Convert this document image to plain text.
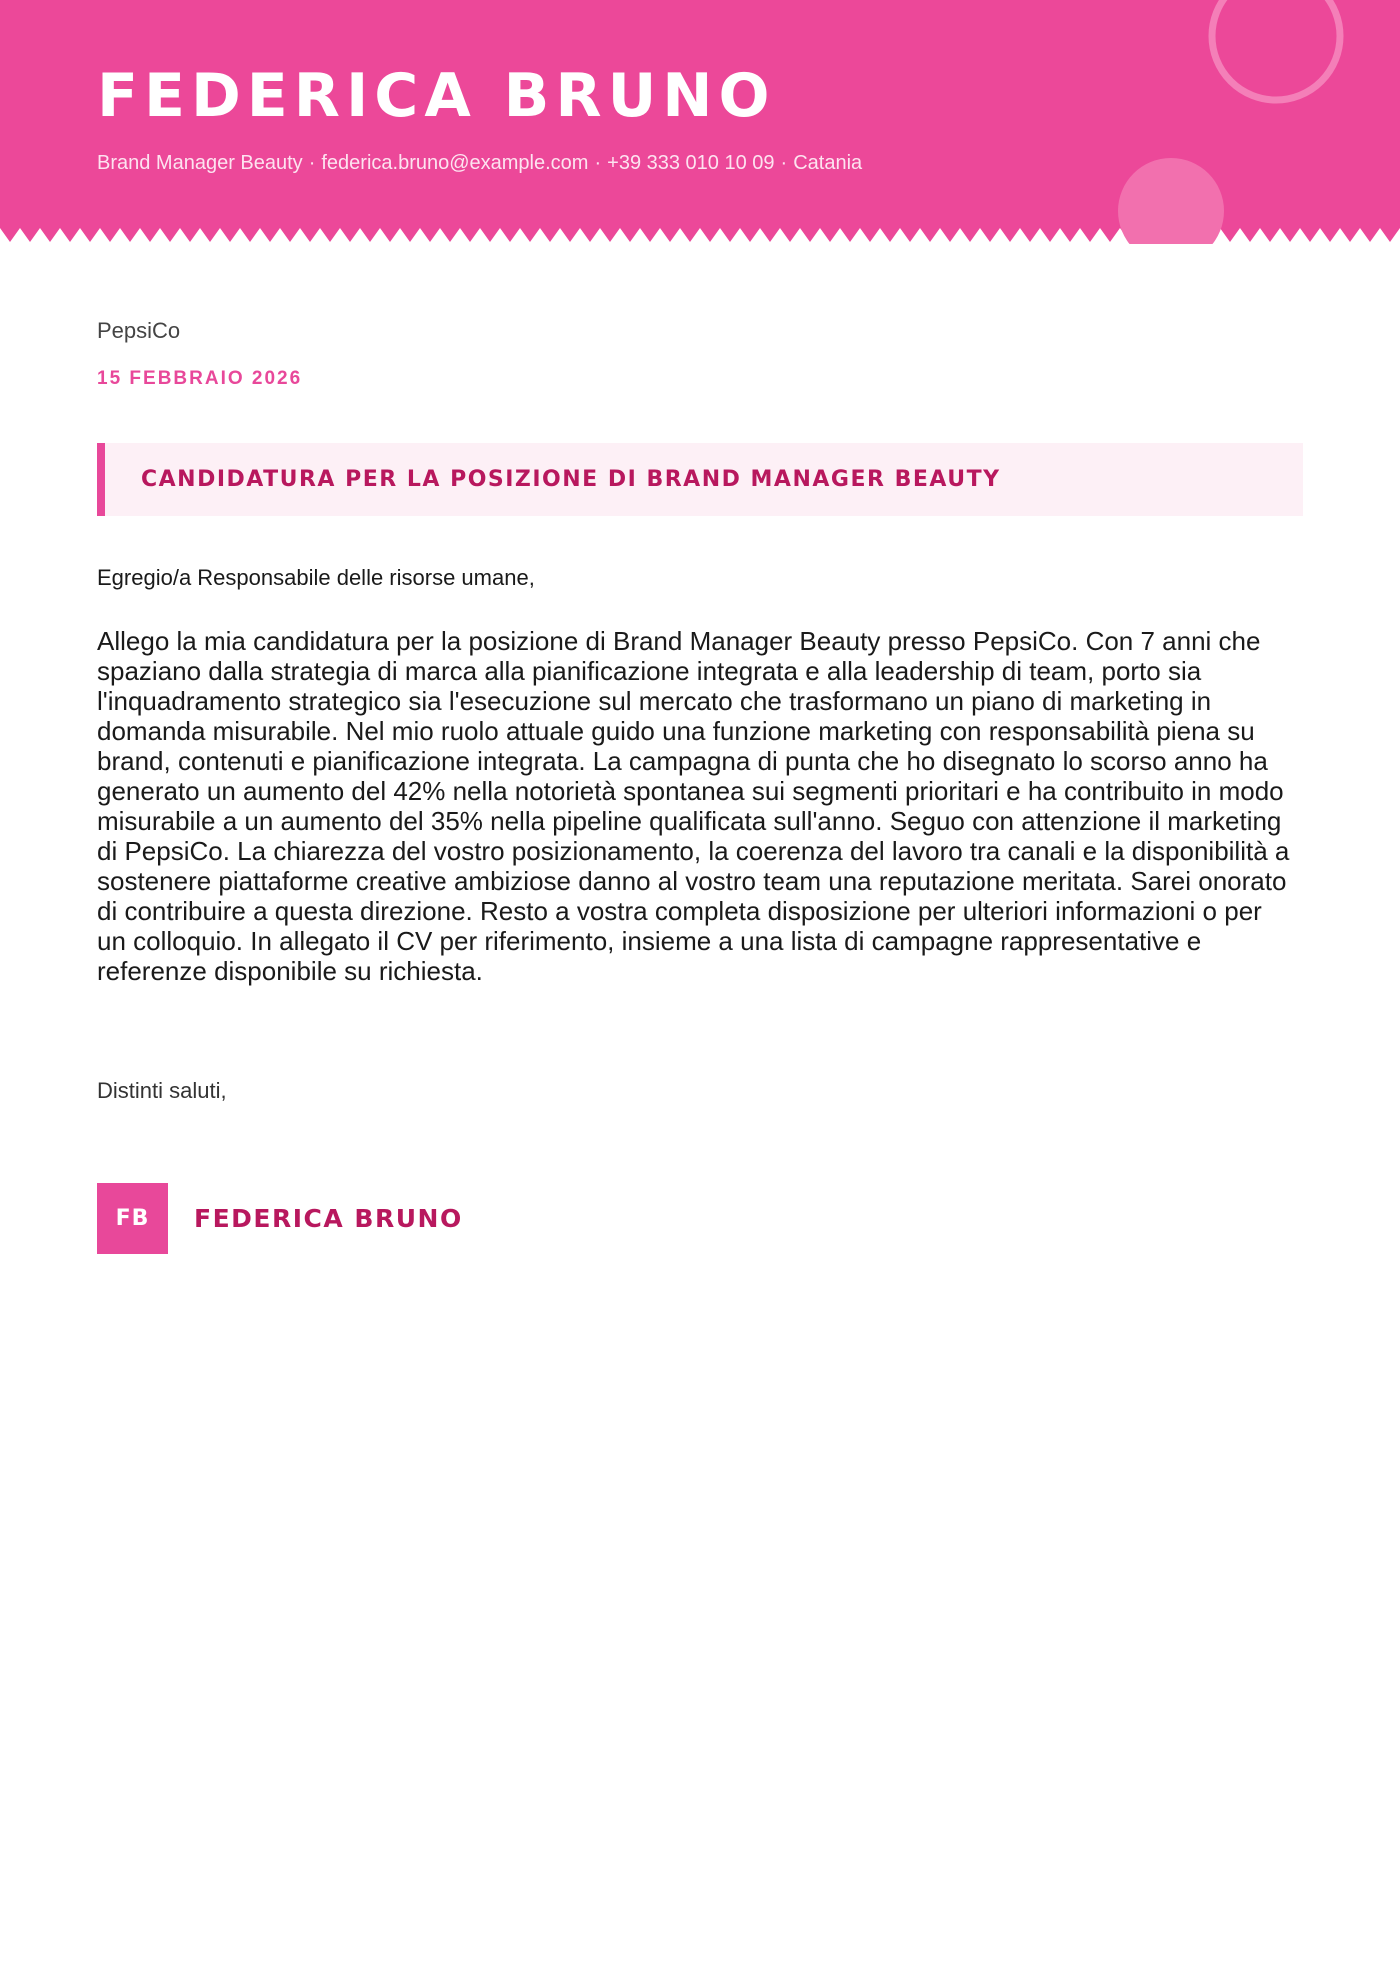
FEDERICA BRUNO
Brand Manager Beauty · federica.bruno@example.com · +39 333 010 10 09 · Catania
PepsiCo
15 FEBBRAIO 2026
CANDIDATURA PER LA POSIZIONE DI BRAND MANAGER BEAUTY
Egregio/a Responsabile delle risorse umane,

Allego la mia candidatura per la posizione di Brand Manager Beauty presso PepsiCo. Con 7 anni che spaziano dalla strategia di marca alla pianificazione integrata e alla leadership di team, porto sia l'inquadramento strategico sia l'esecuzione sul mercato che trasformano un piano di marketing in domanda misurabile. Nel mio ruolo attuale guido una funzione marketing con responsabilità piena su brand, contenuti e pianificazione integrata. La campagna di punta che ho disegnato lo scorso anno ha generato un aumento del 42% nella notorietà spontanea sui segmenti prioritari e ha contribuito in modo misurabile a un aumento del 35% nella pipeline qualificata sull'anno. Seguo con attenzione il marketing di PepsiCo. La chiarezza del vostro posizionamento, la coerenza del lavoro tra canali e la disponibilità a sostenere piattaforme creative ambiziose danno al vostro team una reputazione meritata. Sarei onorato di contribuire a questa direzione. Resto a vostra completa disposizione per ulteriori informazioni o per un colloquio. In allegato il CV per riferimento, insieme a una lista di campagne rappresentative e referenze disponibile su richiesta.

Distinti saluti,
FB	FEDERICA BRUNO
